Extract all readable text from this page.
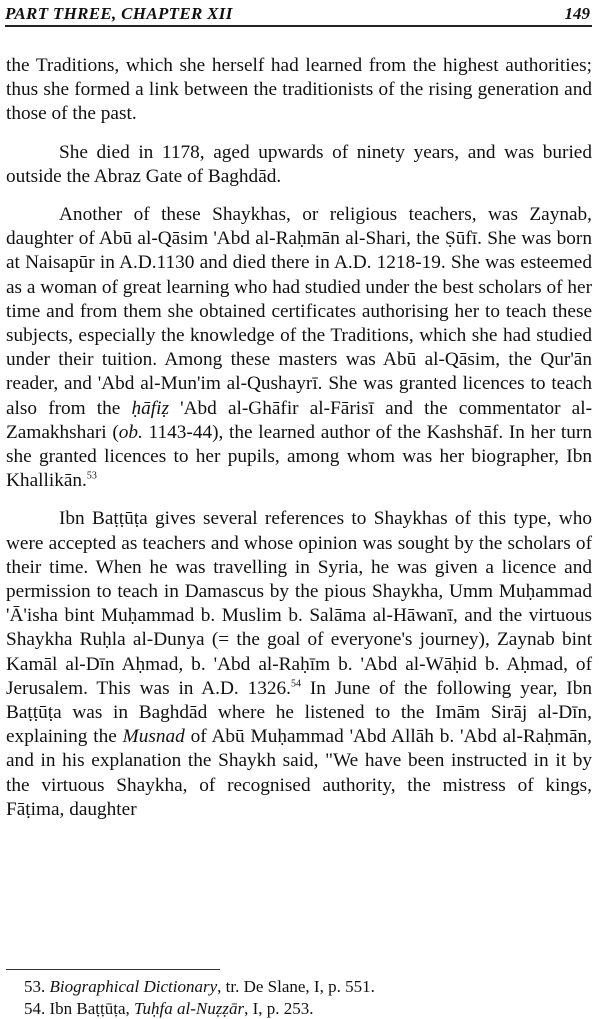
PART THREE, CHAPTER XII	149

the Traditions, which she herself had learned from the highest authorities; thus she formed a link between the traditionists of the rising generation and those of the past.

She died in 1178, aged upwards of ninety years, and was buried outside the Abraz Gate of Baghdād.

Another of these Shaykhas, or religious teachers, was Zaynab, daughter of Abū al-Qāsim 'Abd al-Raḥmān al-Shari, the Ṣūfī. She was born at Naisapūr in A.D.1130 and died there in A.D. 1218-19. She was esteemed as a woman of great learning who had studied under the best scholars of her time and from them she obtained certificates authorising her to teach these subjects, especially the knowledge of the Traditions, which she had studied under their tuition. Among these masters was Abū al-Qāsim, the Qur'ān reader, and 'Abd al-Mun'im al-Qushayrī. She was granted licences to teach also from the ḥāfiẓ 'Abd al-Ghāfir al-Fārisī and the commentator al-Zamakhshari (ob. 1143-44), the learned author of the Kashshāf. In her turn she granted licences to her pupils, among whom was her biographer, Ibn Khallikān.$^{53}$

Ibn Baṭṭūṭa gives several references to Shaykhas of this type, who were accepted as teachers and whose opinion was sought by the scholars of their time. When he was travelling in Syria, he was given a licence and permission to teach in Damascus by the pious Shaykha, Umm Muḥammad 'Ā'isha bint Muḥammad b. Muslim b. Salāma al-Hāwanī, and the virtuous Shaykha Ruḥla al-Dunya (= the goal of everyone's journey), Zaynab bint Kamāl al-Dīn Aḥmad, b. 'Abd al-Raḥīm b. 'Abd al-Wāḥid b. Aḥmad, of Jerusalem. This was in A.D. 1326.54 In June of the following year, Ibn Baṭṭūṭa was in Baghdād where he listened to the Imām Sirāj al-Dīn, explaining the Musnad of Abū Muḥammad 'Abd Allāh b. 'Abd al-Raḥmān, and in his explanation the Shaykh said, "We have been instructed in it by the virtuous Shaykha, of recognised authority, the mistress of kings, Fāṭima, daughter

53. Biographical Dictionary, tr. De Slane, I, p. 551.

54. Ibn Baṭṭūṭa, Tuḥfa al-Nuẓẓār, I, p. 253.
